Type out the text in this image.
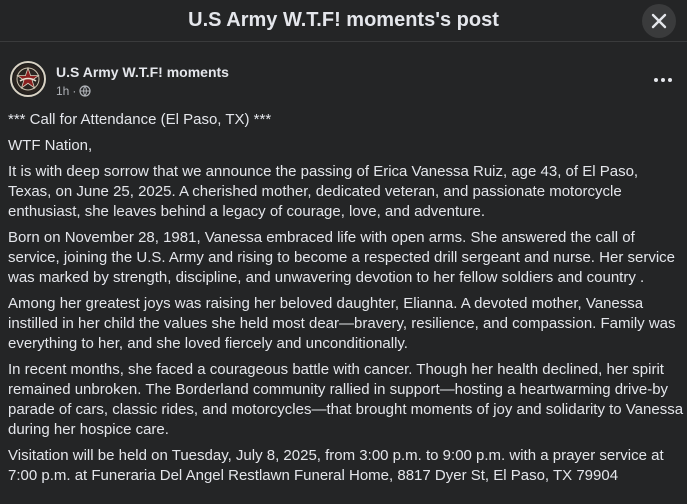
U.S Army W.T.F! moments's post
U.S Army W.T.F! moments
1h ·

*** Call for Attendance (El Paso, TX) ***

WTF Nation,

It is with deep sorrow that we announce the passing of Erica Vanessa Ruiz, age 43, of El Paso, Texas, on June 25, 2025. A cherished mother, dedicated veteran, and passionate motorcycle enthusiast, she leaves behind a legacy of courage, love, and adventure.

Born on November 28, 1981, Vanessa embraced life with open arms. She answered the call of service, joining the U.S. Army and rising to become a respected drill sergeant and nurse. Her service was marked by strength, discipline, and unwavering devotion to her fellow soldiers and country .

Among her greatest joys was raising her beloved daughter, Elianna. A devoted mother, Vanessa instilled in her child the values she held most dear—bravery, resilience, and compassion. Family was everything to her, and she loved fiercely and unconditionally.

In recent months, she faced a courageous battle with cancer. Though her health declined, her spirit remained unbroken. The Borderland community rallied in support—hosting a heartwarming drive-by parade of cars, classic rides, and motorcycles—that brought moments of joy and solidarity to Vanessa during her hospice care.

Visitation will be held on Tuesday, July 8, 2025, from 3:00 p.m. to 9:00 p.m. with a prayer service at 7:00 p.m. at Funeraria Del Angel Restlawn Funeral Home, 8817 Dyer St, El Paso, TX 79904
